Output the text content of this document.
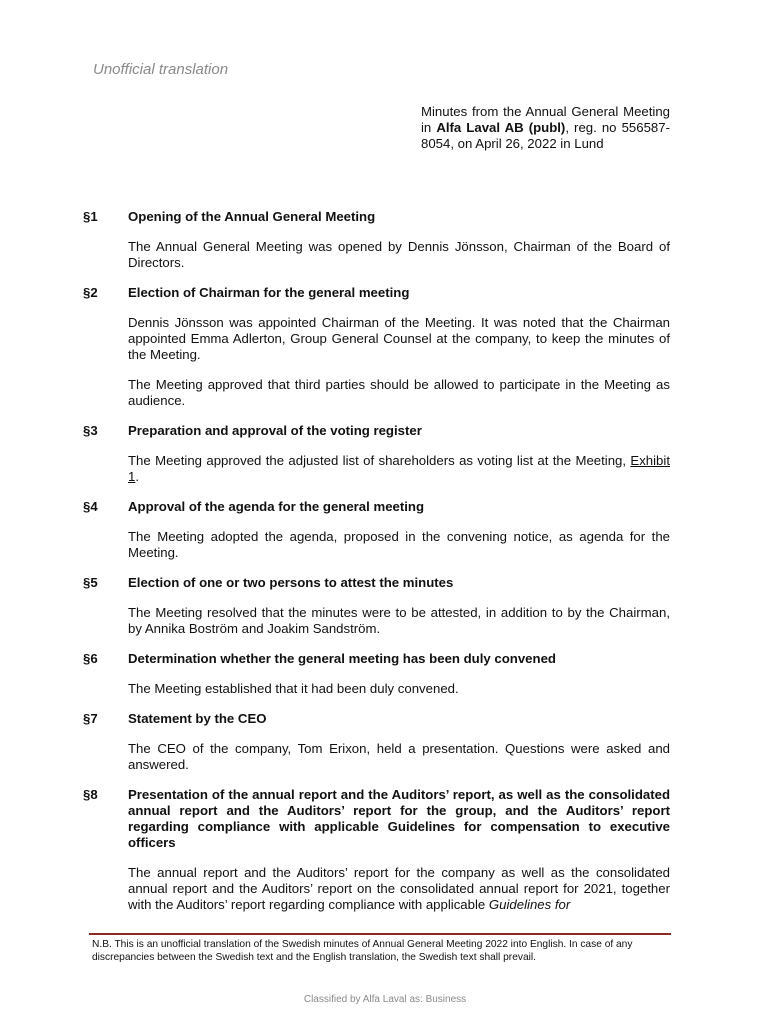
Unofficial translation
Minutes from the Annual General Meeting in Alfa Laval AB (publ), reg. no 556587-8054, on April 26, 2022 in Lund
§1 Opening of the Annual General Meeting
The Annual General Meeting was opened by Dennis Jönsson, Chairman of the Board of Directors.
§2 Election of Chairman for the general meeting
Dennis Jönsson was appointed Chairman of the Meeting. It was noted that the Chairman appointed Emma Adlerton, Group General Counsel at the company, to keep the minutes of the Meeting.
The Meeting approved that third parties should be allowed to participate in the Meeting as audience.
§3 Preparation and approval of the voting register
The Meeting approved the adjusted list of shareholders as voting list at the Meeting, Exhibit 1.
§4 Approval of the agenda for the general meeting
The Meeting adopted the agenda, proposed in the convening notice, as agenda for the Meeting.
§5 Election of one or two persons to attest the minutes
The Meeting resolved that the minutes were to be attested, in addition to by the Chairman, by Annika Boström and Joakim Sandström.
§6 Determination whether the general meeting has been duly convened
The Meeting established that it had been duly convened.
§7 Statement by the CEO
The CEO of the company, Tom Erixon, held a presentation. Questions were asked and answered.
§8 Presentation of the annual report and the Auditors’ report, as well as the consolidated annual report and the Auditors’ report for the group, and the Auditors’ report regarding compliance with applicable Guidelines for compensation to executive officers
The annual report and the Auditors’ report for the company as well as the consolidated annual report and the Auditors’ report on the consolidated annual report for 2021, together with the Auditors’ report regarding compliance with applicable Guidelines for
N.B. This is an unofficial translation of the Swedish minutes of Annual General Meeting 2022 into English. In case of any discrepancies between the Swedish text and the English translation, the Swedish text shall prevail.
Classified by Alfa Laval as: Business
